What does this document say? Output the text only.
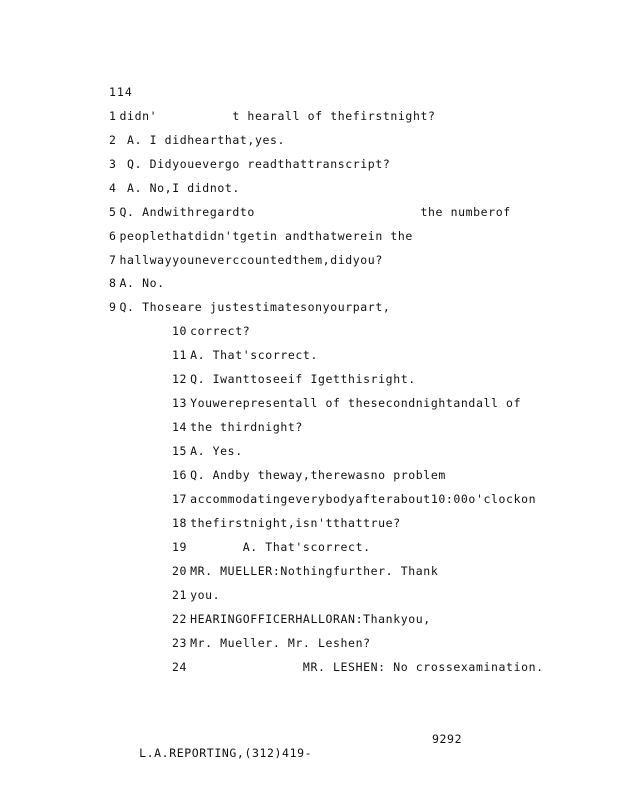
114
1 didn'          t hearall of thefirstnight?
2 A. I didhearthat,yes.
3 Q. Didyouevergo readthattranscript?
4 A. No,I didnot.
5 Q. Andwithregardto                      the numberof
6 peoplethatdidn'tgetin andthatwerein the
7 hallwayyouneverccountedthem,didyou?
8 A. No.
9 Q. Thoseare justestimatesonyourpart,
10 correct?
11 A. That'scorrect.
12 Q. Iwanttoseeif Igetthisright.
13 Youwerepresentall of thesecondnightandall of
14 the thirdnight?
15 A. Yes.
16 Q. Andby theway,therewasno problem
17 accommodatingeverybodyafterabout10:00o'clockon
18 thefirstnight,isn'tthattrue?
19       A. That'scorrect.
20 MR. MUELLER:Nothingfurther. Thank
21 you.
22 HEARINGOFFICERHALLORAN:Thankyou,
23 Mr. Mueller. Mr. Leshen?
24               MR. LESHEN: No crossexamination.

L.A.REPORTING,(312)419-

9292
